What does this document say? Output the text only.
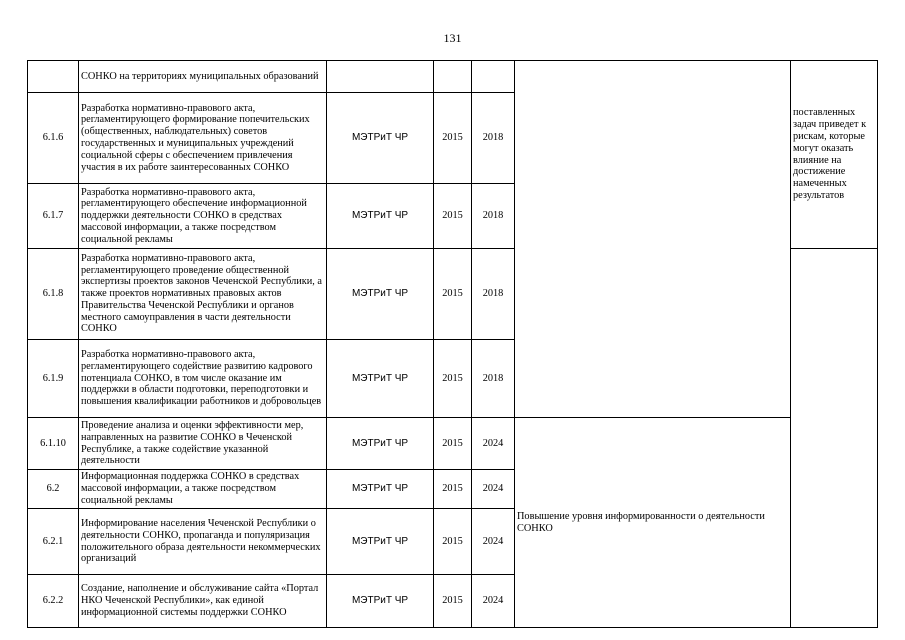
131
	СОНКО на территориях муниципальных образований					поставленных задач приведет к рискам, которые могут оказать влияние на достижение намеченных результатов
6.1.6	Разработка нормативно-правового акта, регламентирующего формирование попечительских (общественных, наблюдательных) советов государственных и муниципальных учреждений социальной сферы с обеспечением привлечения участия в их работе заинтересованных СОНКО	МЭТРиТ ЧР	2015	2018		
6.1.7	Разработка нормативно-правового акта, регламентирующего обеспечение информационной поддержки деятельности СОНКО в средствах массовой информации, а также посредством социальной рекламы	МЭТРиТ ЧР	2015	2018		
6.1.8	Разработка нормативно-правового акта, регламентирующего проведение общественной экспертизы проектов законов Чеченской Республики, а также проектов нормативных правовых актов Правительства Чеченской Республики и органов местного самоуправления в части деятельности СОНКО	МЭТРиТ ЧР	2015	2018		
6.1.9	Разработка нормативно-правового акта, регламентирующего содействие развитию кадрового потенциала СОНКО, в том числе оказание им поддержки в области подготовки, переподготовки и повышения квалификации работников и добровольцев	МЭТРиТ ЧР	2015	2018		
6.1.10	Проведение анализа и оценки эффективности мер, направленных на развитие СОНКО в Чеченской Республике, а также содействие указанной деятельности	МЭТРиТ ЧР	2015	2024	Повышение уровня информированности о деятельности СОНКО	
6.2	Информационная поддержка СОНКО в средствах массовой информации, а также посредством социальной рекламы	МЭТРиТ ЧР	2015	2024		
6.2.1	Информирование населения Чеченской Республики о деятельности СОНКО, пропаганда и популяризация положительного образа деятельности некоммерческих организаций	МЭТРиТ ЧР	2015	2024		
6.2.2	Создание, наполнение и обслуживание сайта «Портал НКО Чеченской Республики», как единой информационной системы поддержки СОНКО	МЭТРиТ ЧР	2015	2024		
